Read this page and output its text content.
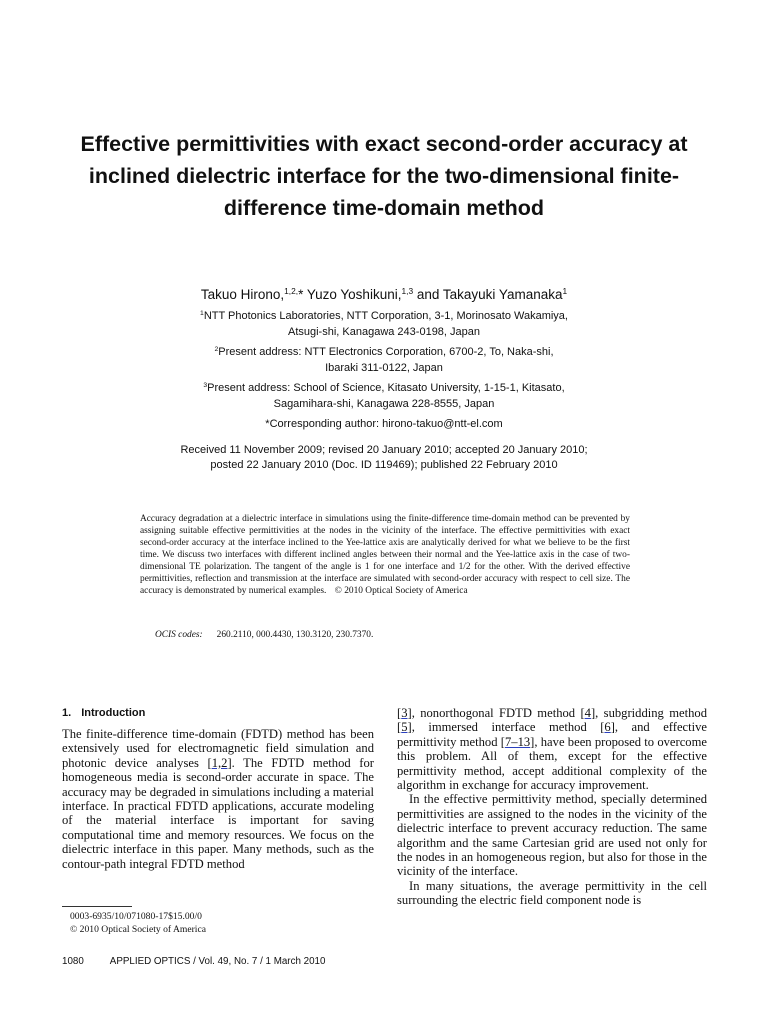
Effective permittivities with exact second-order accuracy at inclined dielectric interface for the two-dimensional finite-difference time-domain method
Takuo Hirono,$^{1,2,}$* Yuzo Yoshikuni,$^{1,3}$ and Takayuki Yamanaka$^1$

$^1$NTT Photonics Laboratories, NTT Corporation, 3-1, Morinosato Wakamiya,

Atsugi-shi, Kanagawa 243-0198, Japan

$^2$Present address: NTT Electronics Corporation, 6700-2, To, Naka-shi,

Ibaraki 311-0122, Japan

$^3$Present address: School of Science, Kitasato University, 1-15-1, Kitasato,

Sagamihara-shi, Kanagawa 228-8555, Japan

*Corresponding author: hirono-takuo@ntt-el.com

Received 11 November 2009; revised 20 January 2010; accepted 20 January 2010;

posted 22 January 2010 (Doc. ID 119469); published 22 February 2010

Accuracy degradation at a dielectric interface in simulations using the finite-difference time-domain method can be prevented by assigning suitable effective permittivities at the nodes in the vicinity of the interface. The effective permittivities with exact second-order accuracy at the interface inclined to the Yee-lattice axis are analytically derived for what we believe to be the first time. We discuss two interfaces with different inclined angles between their normal and the Yee-lattice axis in the case of two-dimensional TE polarization. The tangent of the angle is 1 for one interface and 1/2 for the other. With the derived effective permittivities, reflection and transmission at the interface are simulated with second-order accuracy with respect to cell size. The accuracy is demonstrated by numerical examples. © 2010 Optical Society of America
OCIS codes: 260.2110, 000.4430, 130.3120, 230.7370.
1. Introduction

The finite-difference time-domain (FDTD) method has been extensively used for electromagnetic field simulation and photonic device analyses [1,2]. The FDTD method for homogeneous media is second-order accurate in space. The accuracy may be degraded in simulations including a material interface. In practical FDTD applications, accurate modeling of the material interface is important for saving computational time and memory resources. We focus on the dielectric interface in this paper. Many methods, such as the contour-path integral FDTD method

[3], nonorthogonal FDTD method [4], subgridding method [5], immersed interface method [6], and effective permittivity method [7–13], have been proposed to overcome this problem. All of them, except for the effective permittivity method, accept additional complexity of the algorithm in exchange for accuracy improvement.

In the effective permittivity method, specially determined permittivities are assigned to the nodes in the vicinity of the dielectric interface to prevent accuracy reduction. The same algorithm and the same Cartesian grid are used not only for the nodes in an homogeneous region, but also for those in the vicinity of the interface.

In many situations, the average permittivity in the cell surrounding the electric field component node is

0003-6935/10/071080-17$15.00/0

© 2010 Optical Society of America

1080	APPLIED OPTICS / Vol. 49, No. 7 / 1 March 2010
